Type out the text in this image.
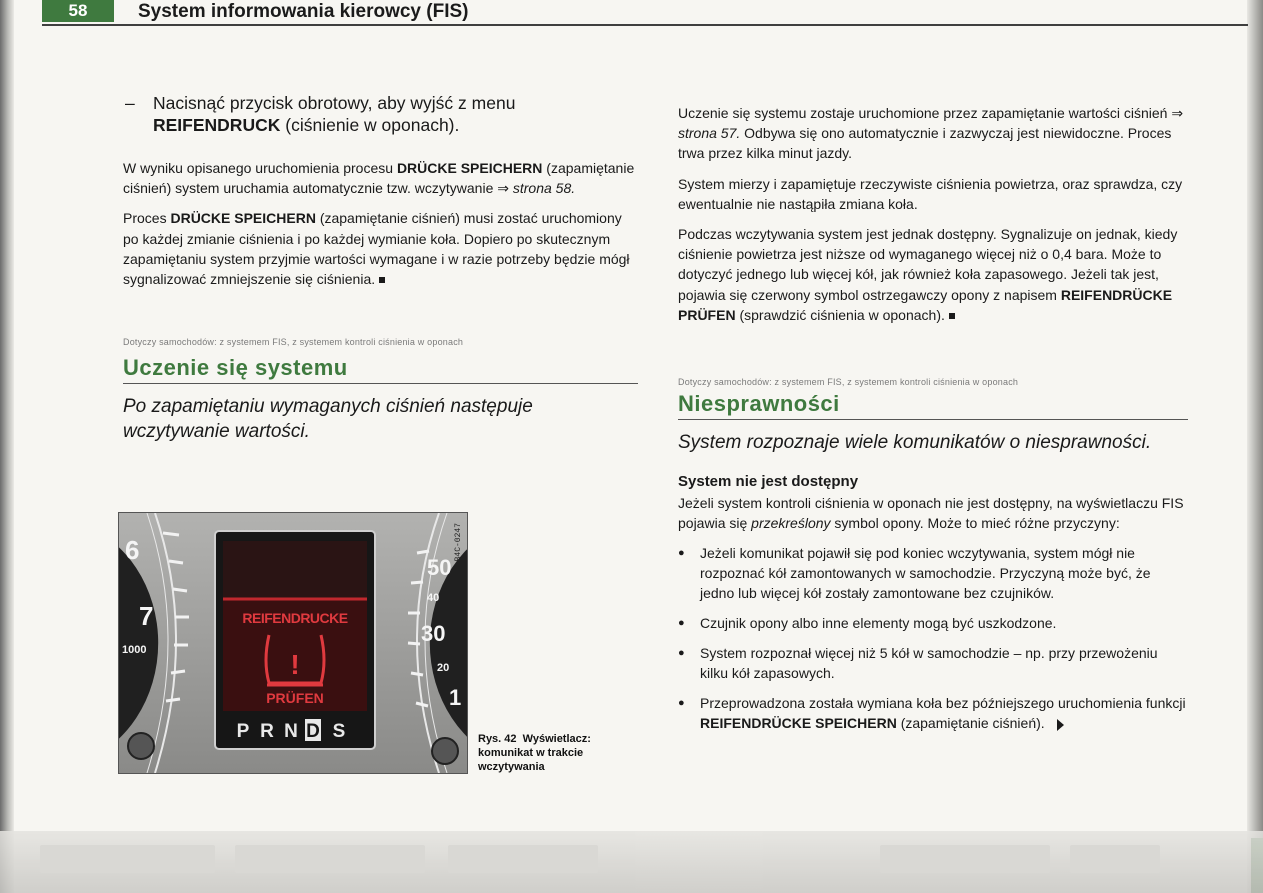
58	System informowania kierowcy (FIS)
– Nacisnąć przycisk obrotowy, aby wyjść z menu
REIFENDRUCK (ciśnienie w oponach).

W wyniku opisanego uruchomienia procesu DRÜCKE SPEICHERN (zapamiętanie ciśnień) system uruchamia automatycznie tzw. wczytywanie ⇒ strona 58.

Proces DRÜCKE SPEICHERN (zapamiętanie ciśnień) musi zostać uruchomiony po każdej zmianie ciśnienia i po każdej wymianie koła. Dopiero po skutecznym zapamiętaniu system przyjmie wartości wymagane i w razie potrzeby będzie mógł sygnalizować zmniejszenie się ciśnienia.

Dotyczy samochodów: z systemem FIS, z systemem kontroli ciśnienia w oponach
Uczenie się systemu

Po zapamiętaniu wymaganych ciśnień następuje wczytywanie wartości.

6
7
1000
50
40
30
20
1
REIFENDRUCKE
!
PRÜFEN
P R N D S
B4C-0247
Rys. 42 Wyświetlacz: komunikat w trakcie wczytywania

Uczenie się systemu zostaje uruchomione przez zapamiętanie wartości ciśnień ⇒ strona 57. Odbywa się ono automatycznie i zazwyczaj jest niewidoczne. Proces trwa przez kilka minut jazdy.

System mierzy i zapamiętuje rzeczywiste ciśnienia powietrza, oraz sprawdza, czy ewentualnie nie nastąpiła zmiana koła.

Podczas wczytywania system jest jednak dostępny. Sygnalizuje on jednak, kiedy ciśnienie powietrza jest niższe od wymaganego więcej niż o 0,4 bara. Może to dotyczyć jednego lub więcej kół, jak również koła zapasowego. Jeżeli tak jest, pojawia się czerwony symbol ostrzegawczy opony z napisem REIFENDRÜCKE PRÜFEN (sprawdzić ciśnienia w oponach).

Dotyczy samochodów: z systemem FIS, z systemem kontroli ciśnienia w oponach
Niesprawności

System rozpoznaje wiele komunikatów o niesprawności.

System nie jest dostępny

Jeżeli system kontroli ciśnienia w oponach nie jest dostępny, na wyświetlaczu FIS pojawia się przekreślony symbol opony. Może to mieć różne przyczyny:

● Jeżeli komunikat pojawił się pod koniec wczytywania, system mógł nie rozpoznać kół zamontowanych w samochodzie. Przyczyną może być, że jedno lub więcej kół zostały zamontowane bez czujników.
● Czujnik opony albo inne elementy mogą być uszkodzone.
● System rozpoznał więcej niż 5 kół w samochodzie – np. przy przewożeniu kilku kół zapasowych.
● Przeprowadzona została wymiana koła bez późniejszego uruchomienia funkcji REIFENDRÜCKE SPEICHERN (zapamiętanie ciśnień).
